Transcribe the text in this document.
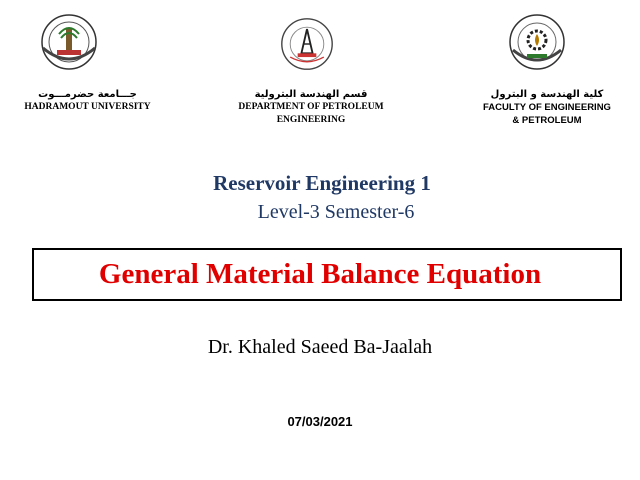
جـــامعة حضرمـــوت
HADRAMOUT UNIVERSITY
قسم الهندسة البترولية
DEPARTMENT OF PETROLEUM
ENGINEERING
كلية الهندسة و البترول
FACULTY OF ENGINEERING
& PETROLEUM
Reservoir Engineering 1
Level-3 Semester-6
General Material Balance Equation
Dr. Khaled Saeed Ba-Jaalah
07/03/2021
